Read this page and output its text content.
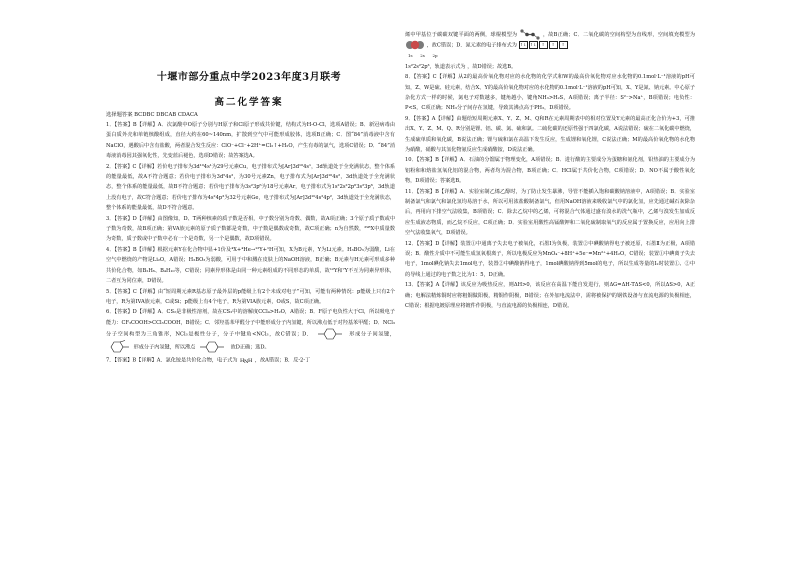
十堰市部分重点中学2023年度3月联考
高二化学答案
选择题答案 BCDBC DBCAB CDACA

1．【答案】B【详解】A．次氯酸中O原子分别与H原子和Cl原子形成共价键，结构式为H-O-Cl，选项A错误；B．新冠病毒由蛋白质外壳和单链核酸组成，直径大约在60~140nm，扩散到空气中可能形成胶体，选项B正确；C．图“84”消毒液中含有NaClO，遇酸后中含有盐酸，两者混合发生反应：ClO⁻+Cl⁻+2H⁺=Cl₂↑+H₂O，产生有毒的氯气，选项C错误；D．“84”消毒液消毒因其强氧化性，先变蓝后褪色，选项D错误；故答案选A。

2．【答案】C【详解】若价电子排布为3d¹⁰4s¹为29号元素Cu，电子排布式为[Ar]3d¹⁰4s¹，3d轨道处于全充满状态，整个体系的能量最低，故A不符合题意；若价电子排布为3d⁵4s²，为30号元素Zn，电子排布式为[Ar]3d¹⁰4s²，3d轨道处于全充满状态，整个体系的能量最低，故B不符合题意；若价电子排布为3s²3p⁶为18号元素Ar，电子排布式为1s²2s²2p⁶3s²3p⁶，3d轨道上没有电子，故C符合题意；若价电子排布为4s²4p³为32号元素Ge，电子排布式为[Ar]3d¹⁰4s²4p²，3d轨道处于全充满状态，整个体系的能量最低，故D不符合题意。

3．【答案】D【详解】由图像知，D、T两种核素的质子数是否相，中子数分别为奇数、偶数，故A项正确；3个原子质子数或中子数为奇数，故B项正确；第VA族元素的原子质子数都是奇数，中子数是偶数或奇数，故C项正确；n为自然数，²⁹⁸X中质量数为奇数，质子数或中子数中必有一个是奇数，另一个是偶数，故D项错误。

4．【答案】B【详解】根据元素Y在化合物中显+1价及⁴X+⁴He→¹²Y+¹H可知，X为B元素，Y为Li元素。H₃BO₃为弱酸，Li在空气中燃烧的产物是Li₂O，A错误；H₃BO₃为弱酸，可用于中和溅在皮肤上的NaOH溶液，B正确；B元素与H元素可形成多种共价化合物，如B₂H₆、B₄H₁₀等，C错误；同素异形体是由同一种元素组成的不同形态的单质，故¹²Y和⁷Y不互为同素异形体，二者互为同位素，D错误。

5．【答案】C【详解】由“短周期元素R基态原子最外层的p能级上有2个未成对电子”可知，可能有两种情况：p能级上只有2个电子，R为第IVA族元素，C或Si；p能级上有4个电子，R为第VIA族元素，O或S，故C项正确。

6．【答案】D【详解】A．CS₂是非极性溶剂，故在CS₂中的溶解度CCl₄>H₂O，A错误；B．F原子电负性大于Cl，所以吸电子能力：CF₃COOH>CCl₃COOH，B错误；C．邻羟基苯甲醛分子中能形成分子内氢键，所以沸点低于对羟基苯甲醛；D．NCl₃分子空间构型为三角锥形，NCl₃是极性分子，分子中键角<NCl₃，故C错误；D．	形成分子间氢键，  形成分子内氢键，所以沸点	故D正确；选D。

7．【答案】B【详解】A．氯化铵是共价化合物，电子式为 H N H ，故A错误；B．反-2-丁

烯中甲基位于碳碳双键平面的两侧，球棍模型为	，故B正确；C．二氧化碳的空间构型为直线形，空间填充模型为  ，故C错误；D．氮元素的电子排布式为 ↑↓ ↑↓	↑	↑	↑

1s 2s 2p
1s²2s²2p³，轨道表示式为 ，故D错误；故选B。

8．【答案】C【详解】从2的最高价氧化物对应的水化物的化学式和W的最高价氧化物对应水化物的0.1mol·L⁻¹溶液的pH可知，Z、W是硫、硅元素，结合X、Y的最高价氧化物对应的水化物的0.1mol·L⁻¹溶液的pH可知，X、Y是氮、钠元素。中心原子杂化方式一样的时候，氮电子对数越多，键角越小，键角NH₃>H₂S，A项错误；离子半径：S²⁻>Na⁺，B项错误；电负性：P<S，C项正确；NH₃分子间存在氢键，导致其沸点高于PH₃，D项错误。

9．【答案】A【详解】由题给短周期元素X、Y、Z、M、Q和R在元素周期表中的相对位置及Y元素的最高正化合价为+3，可推出X、Y、Z、M、Q、R分别是锂、铝、碳、氮、硫和氯。二硫化碳的还原性强于四氯化碳，A说法错误；硫在二氧化碳中燃烧，生成硫单质和氧化碳，B说法正确；锂与硫和氯在高温下发生反应，生成锂和氧化锂，C说法正确；M的最高价氧化物的水化物为硝酸，硝酸与其氢化物氨反应生成硝酸铵，D说法正确。

10．【答案】B【详解】A．石油的分馏属于物理变化，A项错误；B．进行酸的主要成分为蛋糖和氨化剂，铅热油的主要成分为铝粉和和熔盐氢氧化铝的混合物，两者均为混合物，B项正确；C．HCl属于共价化合物，C项错误；D．NO不属于酸性氧化物，D项错误；答案选B。

11．【答案】B【详解】A．实验室制乙烯乙醇时，为了防止发生暴沸，导管不能插入饱和碳酸钠溶液中，A项错误；B．实验室制备氯气和氯气和氯化氢均易溶于水，所以可用浓盐酸制备氯气，但用NaOH溶液来吸收氯气中的氯化氢，应先通过碱石灰除杂后，再用向下排空气法收集，B项错误；C．除去乙烷中的乙烯，可将混合气体通过盛有溴水的洗气瓶中，乙烯与溴发生加成反应生成液态物质，而乙烷不反应，C项正确；D．实验室用酸性高锰酸钾和二氧化硫制取氧气的反应属于置换反应，应用向上排空气法收集氧气，D项错误。

12．【答案】D【详解】装置①中通离子失去电子被氧化，石墨Ⅰ为负极，装置②中碘酸钠得电子被还原，石墨Ⅱ为正极，A项错误；B．酸性介质中不可能生成氢氧根离子，所以电极反应为MnO₄⁻+8H⁺+5e⁻=Mn²⁺+4H₂O，C错误；装置①中碘离子失去电子，1mol碘化钠失去1mol电子，装置②中碘酸钠得电子，1mol碘酸钠得到5mol的电子，所以生成等量的I₂时装置①、②中的导线上通过的电子数之比为1：5，D正确。

13．【答案】A【详解】该反应为吸热反应，则ΔH>0，该反应在高温下能自发进行，则ΔG=ΔH-TΔS<0，所以ΔS>0，A正确；电解法精炼铜时应将粗铜做阳极，精铜作阴极，B错误；在外加电流法中，需将被保护的钢铁设备与直流电源的负极相连，C错误；根据电镀原理应将镀件作阴极，与直流电源的负极相连，D错误。
